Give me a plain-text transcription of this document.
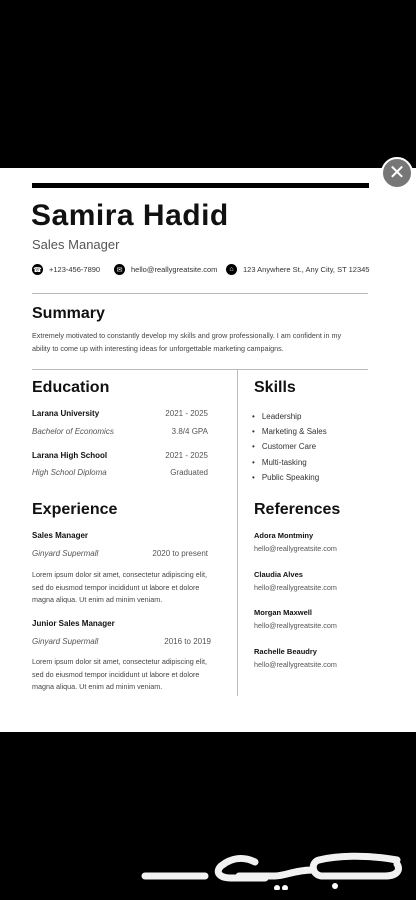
✕
Samira Hadid
Sales Manager
☎ +123-456-7890	✉	hello@reallygreatsite.com	⌂	123 Anywhere St., Any City, ST 12345
Summary
Extremely motivated to constantly develop my skills and grow professionally. I am confident in my
ability to come up with interesting ideas for unforgettable marketing campaigns.
Education
Larana University	2021 - 2025
Bachelor of Economics	3.8/4 GPA
Larana High School	2021 - 2025
High School Diploma	Graduated
Skills
• Leadership
• Marketing & Sales
• Customer Care
• Multi-tasking
• Public Speaking
Experience
Sales Manager
Ginyard Supermall	2020 to present
Lorem ipsum dolor sit amet, consectetur adipiscing elit,
sed do eiusmod tempor incididunt ut labore et dolore
magna aliqua. Ut enim ad minim veniam.
Junior Sales Manager
Ginyard Supermall	2016 to 2019
Lorem ipsum dolor sit amet, consectetur adipiscing elit,
sed do eiusmod tempor incididunt ut labore et dolore
magna aliqua. Ut enim ad minim veniam.
References
Adora Montminy
hello@reallygreatsite.com
Claudia Alves
hello@reallygreatsite.com
Morgan Maxwell
hello@reallygreatsite.com
Rachelle Beaudry
hello@reallygreatsite.com
